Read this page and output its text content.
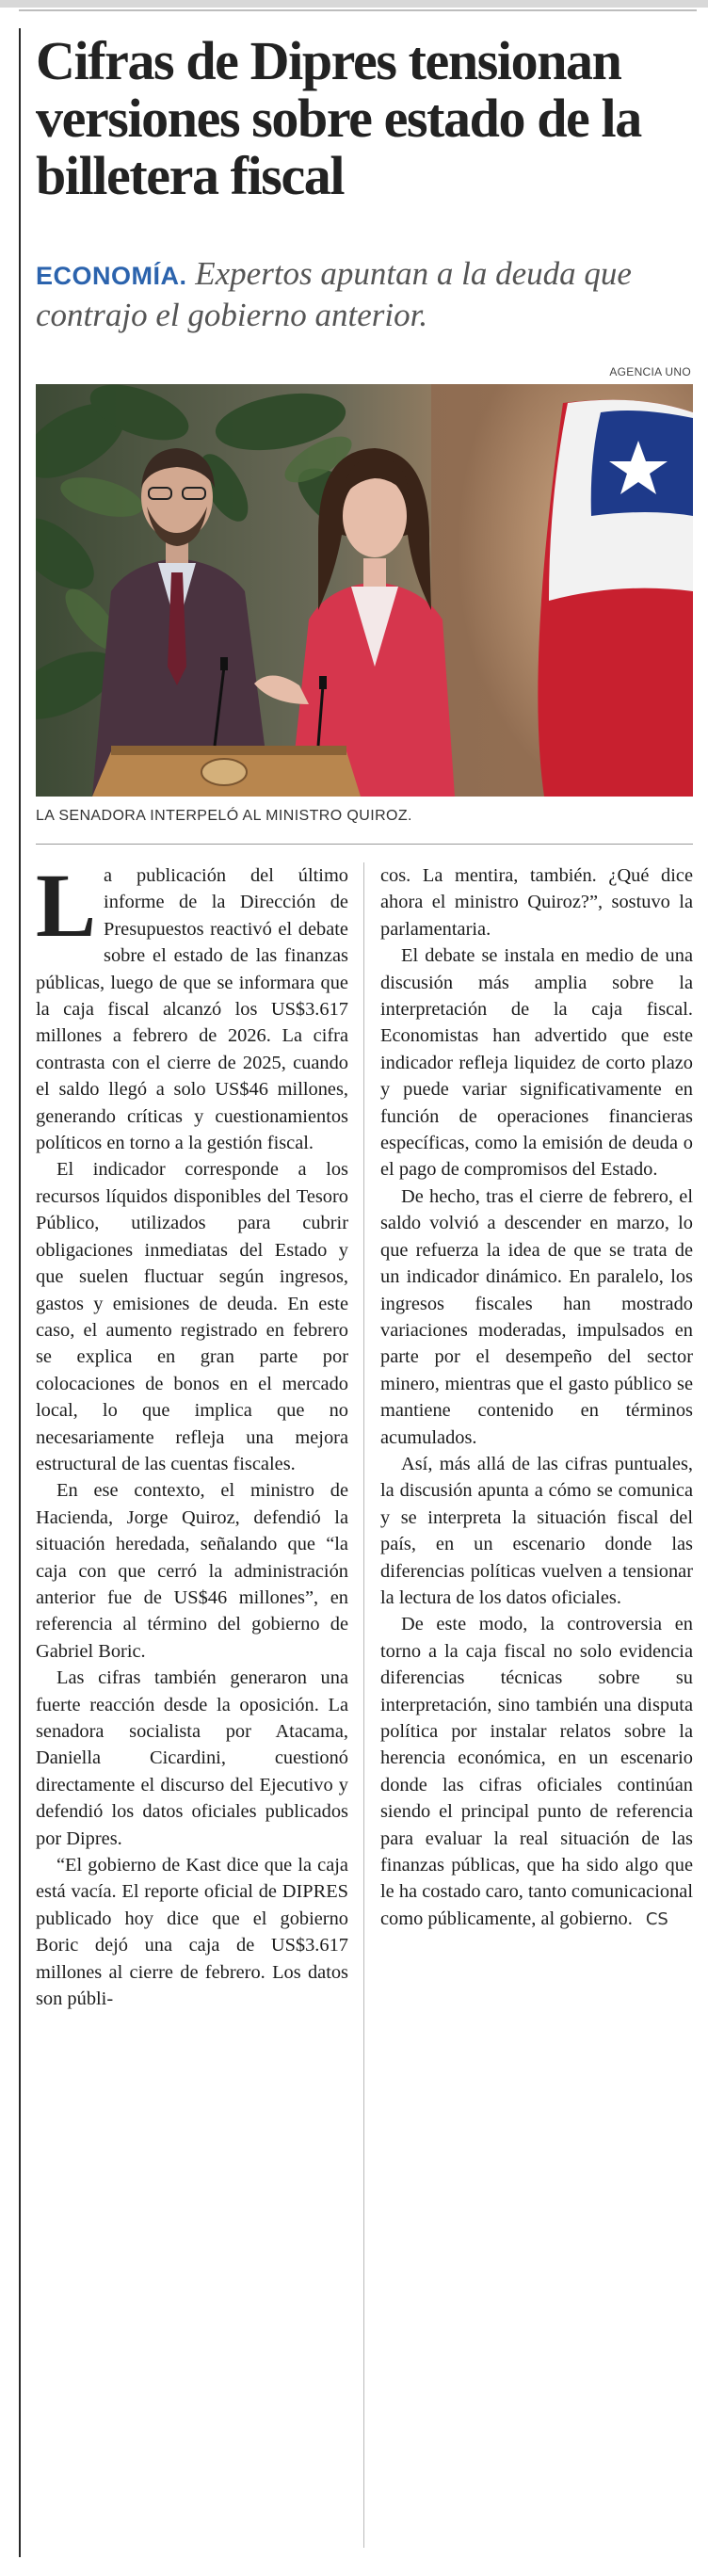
Cifras de Dipres tensionan versiones sobre estado de la billetera fiscal

ECONOMÍA. Expertos apuntan a la deuda que contrajo el gobierno anterior.

AGENCIA UNO
LA SENADORA INTERPELÓ AL MINISTRO QUIROZ.

La publicación del último informe de la Dirección de Presupuestos reactivó el debate sobre el estado de las finanzas públicas, luego de que se informara que la caja fiscal alcanzó los US$3.617 millones a febrero de 2026. La cifra contrasta con el cierre de 2025, cuando el saldo llegó a solo US$46 millones, generando críticas y cuestionamientos políticos en torno a la gestión fiscal.

El indicador corresponde a los recursos líquidos disponibles del Tesoro Público, utilizados para cubrir obligaciones inmediatas del Estado y que suelen fluctuar según ingresos, gastos y emisiones de deuda. En este caso, el aumento registrado en febrero se explica en gran parte por colocaciones de bonos en el mercado local, lo que implica que no necesariamente refleja una mejora estructural de las cuentas fiscales.

En ese contexto, el ministro de Hacienda, Jorge Quiroz, defendió la situación heredada, señalando que “la caja con que cerró la administración anterior fue de US$46 millones”, en referencia al término del gobierno de Gabriel Boric.

Las cifras también generaron una fuerte reacción desde la oposición. La senadora socialista por Atacama, Daniella Cicardini, cuestionó directamente el discurso del Ejecutivo y defendió los datos oficiales publicados por Dipres.

“El gobierno de Kast dice que la caja está vacía. El reporte oficial de DIPRES publicado hoy dice que el gobierno Boric dejó una caja de US$3.617 millones al cierre de febrero. Los datos son públi-

cos. La mentira, también. ¿Qué dice ahora el ministro Quiroz?”, sostuvo la parlamentaria.

El debate se instala en medio de una discusión más amplia sobre la interpretación de la caja fiscal. Economistas han advertido que este indicador refleja liquidez de corto plazo y puede variar significativamente en función de operaciones financieras específicas, como la emisión de deuda o el pago de compromisos del Estado.

De hecho, tras el cierre de febrero, el saldo volvió a descender en marzo, lo que refuerza la idea de que se trata de un indicador dinámico. En paralelo, los ingresos fiscales han mostrado variaciones moderadas, impulsados en parte por el desempeño del sector minero, mientras que el gasto público se mantiene contenido en términos acumulados.

Así, más allá de las cifras puntuales, la discusión apunta a cómo se comunica y se interpreta la situación fiscal del país, en un escenario donde las diferencias políticas vuelven a tensionar la lectura de los datos oficiales.

De este modo, la controversia en torno a la caja fiscal no solo evidencia diferencias técnicas sobre su interpretación, sino también una disputa política por instalar relatos sobre la herencia económica, en un escenario donde las cifras oficiales continúan siendo el principal punto de referencia para evaluar la real situación de las finanzas públicas, que ha sido algo que le ha costado caro, tanto comunicacional como públicamente, al gobierno. CS
